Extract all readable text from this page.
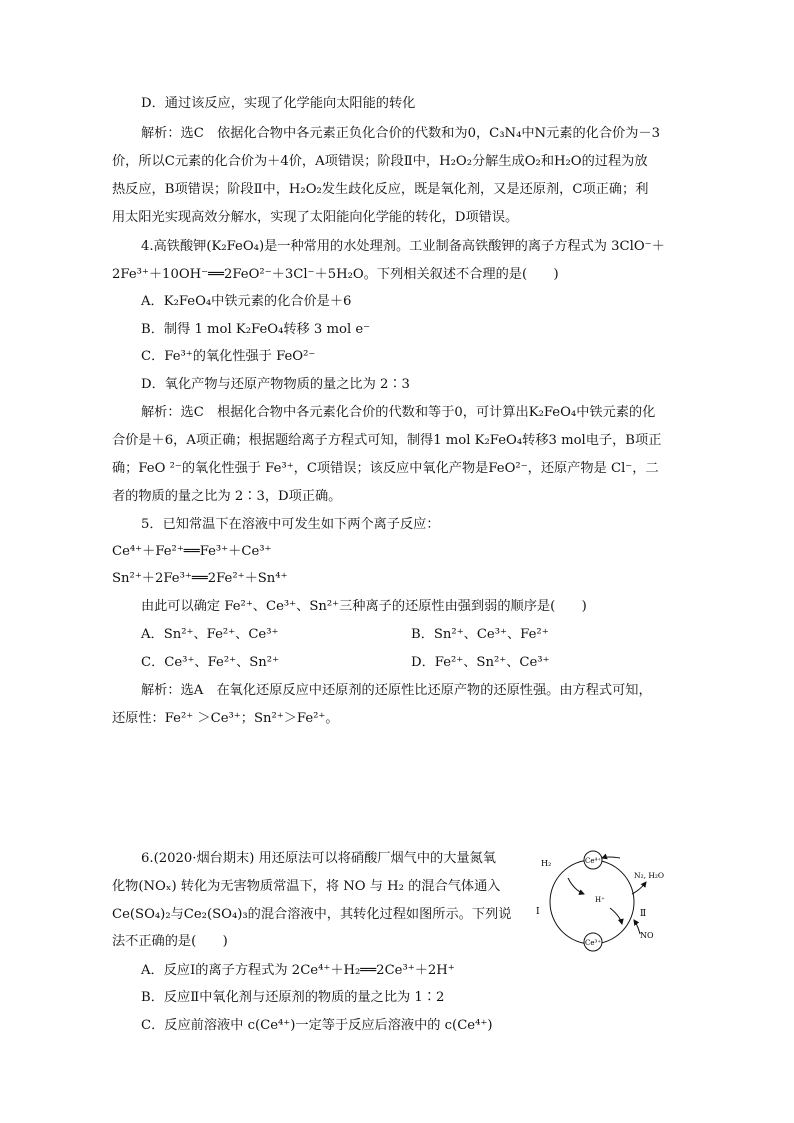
D．通过该反应，实现了化学能向太阳能的转化
解析：选C　依据化合物中各元素正负化合价的代数和为0，C₃N₄中N元素的化合价为－3
价，所以C元素的化合价为＋4价，A项错误；阶段Ⅱ中，H₂O₂分解生成O₂和H₂O的过程为放
热反应，B项错误；阶段Ⅱ中，H₂O₂发生歧化反应，既是氧化剂，又是还原剂，C项正确；利
用太阳光实现高效分解水，实现了太阳能向化学能的转化，D项错误。
4.高铁酸钾(K₂FeO₄)是一种常用的水处理剂。工业制备高铁酸钾的离子方程式为 3ClO⁻＋
2Fe³⁺＋10OH⁻══2FeO²⁻＋3Cl⁻＋5H₂O。下列相关叙述不合理的是(　　)
A．K₂FeO₄中铁元素的化合价是＋6
B．制得 1 mol K₂FeO₄转移 3 mol e⁻
C．Fe³⁺的氧化性强于 FeO²⁻
D．氧化产物与还原产物物质的量之比为 2∶3
解析：选C　根据化合物中各元素化合价的代数和等于0，可计算出K₂FeO₄中铁元素的化
合价是＋6，A项正确；根据题给离子方程式可知，制得1 mol K₂FeO₄转移3 mol电子，B项正
确；FeO ²⁻的氧化性强于 Fe³⁺，C项错误；该反应中氧化产物是FeO²⁻，还原产物是 Cl⁻，二
者的物质的量之比为 2∶3，D项正确。
5．已知常温下在溶液中可发生如下两个离子反应：
Ce⁴⁺＋Fe²⁺══Fe³⁺＋Ce³⁺
Sn²⁺＋2Fe³⁺══2Fe²⁺＋Sn⁴⁺
由此可以确定 Fe²⁺、Ce³⁺、Sn²⁺三种离子的还原性由强到弱的顺序是(　　)
A．Sn²⁺、Fe²⁺、Ce³⁺	B．Sn²⁺、Ce³⁺、Fe²⁺
C．Ce³⁺、Fe²⁺、Sn²⁺	D．Fe²⁺、Sn²⁺、Ce³⁺
解析：选A　在氧化还原反应中还原剂的还原性比还原产物的还原性强。由方程式可知，
还原性：Fe²⁺ ＞Ce³⁺；Sn²⁺＞Fe²⁺。
6.(2020·烟台期末) 用还原法可以将硝酸厂烟气中的大量氮氧
化物(NOₓ) 转化为无害物质常温下，将 NO 与 H₂ 的混合气体通入
Ce(SO₄)₂与Ce₂(SO₄)₃的混合溶液中，其转化过程如图所示。下列说
法不正确的是(　　)
A．反应Ⅰ的离子方程式为 2Ce⁴⁺＋H₂══2Ce³⁺＋2H⁺
B．反应Ⅱ中氧化剂与还原剂的物质的量之比为 1∶2
C．反应前溶液中 c(Ce⁴⁺)一定等于反应后溶液中的 c(Ce⁴⁺)
Ce⁴⁺
Ce³⁺
H₂
H⁺
Ⅰ
N₂, H₂O
Ⅱ
NO
